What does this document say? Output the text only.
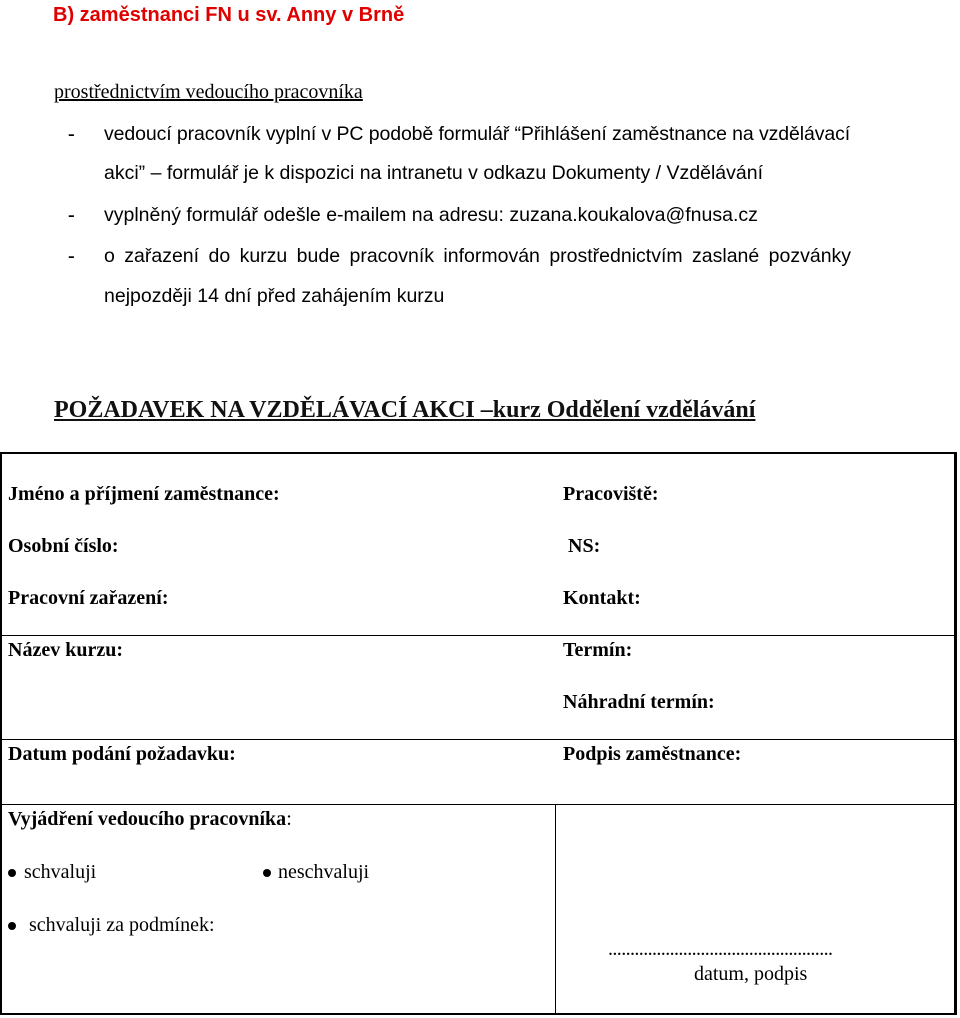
B) zaměstnanci FN u sv. Anny v Brně
prostřednictvím vedoucího pracovníka
- vedoucí pracovník vyplní v PC podobě formulář “Přihlášení zaměstnance na vzdělávací
akci” – formulář je k dispozici na intranetu v odkazu Dokumenty / Vzdělávání
- vyplněný formulář odešle e-mailem na adresu: zuzana.koukalova@fnusa.cz
- o zařazení do kurzu bude pracovník informován prostřednictvím zaslané pozvánky
nejpozději 14 dní před zahájením kurzu
POŽADAVEK NA VZDĚLÁVACÍ AKCI –kurz Oddělení vzdělávání
Jméno a příjmení zaměstnance:
Osobní číslo:
Pracovní zařazení:
Název kurzu:
Datum podání požadavku:
Pracoviště:
NS:
Kontakt:
Termín:
Náhradní termín:
Podpis zaměstnance:
Vyjádření vedoucího pracovníka:
schvaluji	neschvaluji
schvaluji za podmínek:
...................................................
datum, podpis
